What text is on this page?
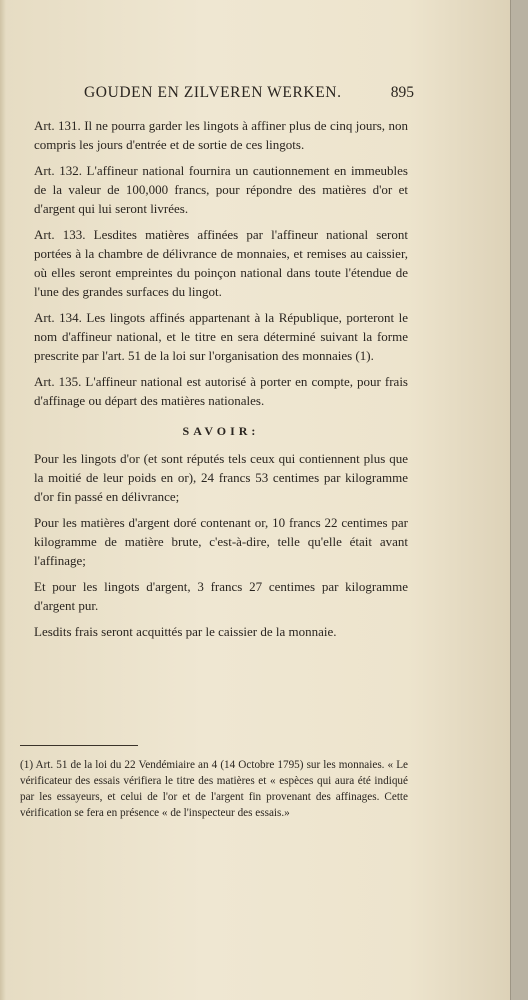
GOUDEN EN ZILVEREN WERKEN.	895

Art. 131. Il ne pourra garder les lingots à affiner plus de cinq jours, non compris les jours d'entrée et de sortie de ces lingots.

Art. 132. L'affineur national fournira un cautionnement en immeubles de la valeur de 100,000 francs, pour répondre des matières d'or et d'argent qui lui seront livrées.

Art. 133. Lesdites matières affinées par l'affineur national seront portées à la chambre de délivrance de monnaies, et remises au caissier, où elles seront empreintes du poinçon national dans toute l'étendue de l'une des grandes surfaces du lingot.

Art. 134. Les lingots affinés appartenant à la République, porteront le nom d'affineur national, et le titre en sera déterminé suivant la forme prescrite par l'art. 51 de la loi sur l'organisation des monnaies (1).

Art. 135. L'affineur national est autorisé à porter en compte, pour frais d'affinage ou départ des matières nationales.

SAVOIR:

Pour les lingots d'or (et sont réputés tels ceux qui contiennent plus que la moitié de leur poids en or), 24 francs 53 centimes par kilogramme d'or fin passé en délivrance;

Pour les matières d'argent doré contenant or, 10 francs 22 centimes par kilogramme de matière brute, c'est-à-dire, telle qu'elle était avant l'affinage;

Et pour les lingots d'argent, 3 francs 27 centimes par kilogramme d'argent pur.

Lesdits frais seront acquittés par le caissier de la monnaie.

(1) Art. 51 de la loi du 22 Vendémiaire an 4 (14 Octobre 1795) sur les monnaies. « Le vérificateur des essais vérifiera le titre des matières et « espèces qui aura été indiqué par les essayeurs, et celui de l'or et de l'argent fin provenant des affinages. Cette vérification se fera en présence « de l'inspecteur des essais.»
